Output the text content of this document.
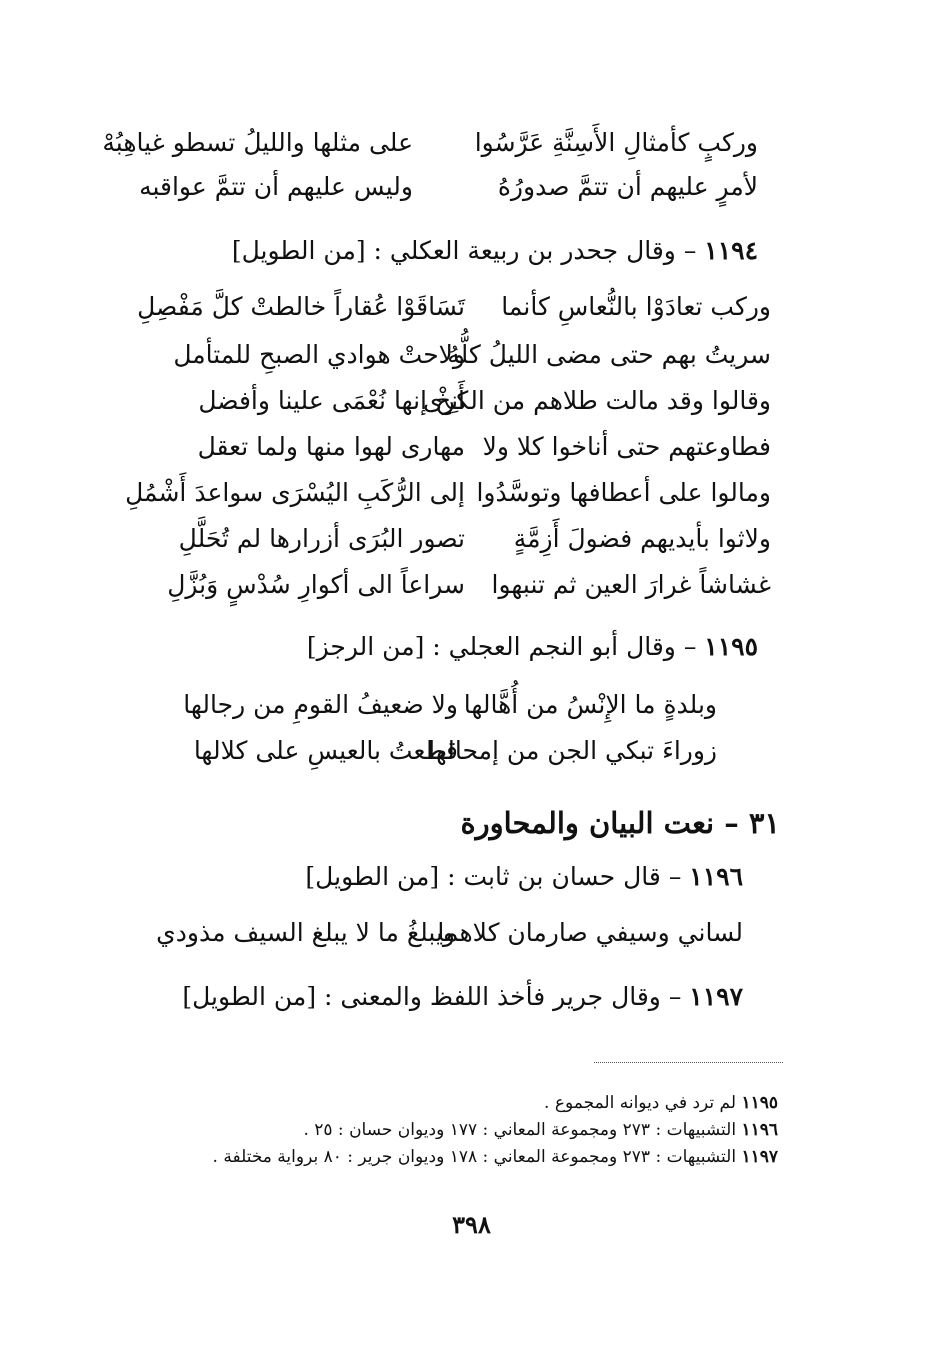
وركبٍ كأمثالِ الأَسِنَّةِ عَرَّسُوا
على مثلها والليلُ تسطو غياهِبُهْ
لأمرٍ عليهم أن تتمَّ صدورُهُ
وليس عليهم أن تتمَّ عواقبه
١١٩٤ – وقال جحدر بن ربيعة العكلي : [من الطويل]
وركب تعادَوْا بالنُّعاسِ كأنما
تَسَاقَوْا عُقاراً خالطتْ كلَّ مَفْصِلِ
سريتُ بهم حتى مضى الليلُ كلُّهُ
ولاحتْ هوادي الصبحِ للمتأمل
وقالوا وقد مالت طلاهم من الكرى
أَنِخْ إنها نُعْمَى علينا وأفضل
فطاوعتهم حتى أناخوا كلا ولا
مهارى لهوا منها ولما تعقل
ومالوا على أعطافها وتوسَّدُوا
إلى الرُّكَبِ اليُسْرَى سواعدَ أَشْمُلِ
ولاثوا بأيديهم فضولَ أَزِمَّةٍ
تصور البُرَى أزرارها لم تُحَلَّلِ
غشاشاً غرارَ العين ثم تنبهوا
سراعاً الى أكوارِ سُدْسٍ وَبُزَّلِ
١١٩٥ – وقال أبو النجم العجلي : [من الرجز]
وبلدةٍ ما الإِنْسُ من أُهَّالها
ولا ضعيفُ القومِ من رجالها
زوراءَ تبكي الجن من إمحالها
قطعتُ بالعيسِ على كلالها
٣١ – نعت البيان والمحاورة
١١٩٦ – قال حسان بن ثابت : [من الطويل]
لساني وسيفي صارمان كلاهما
ويبلغُ ما لا يبلغ السيف مذودي
١١٩٧ – وقال جرير فأخذ اللفظ والمعنى : [من الطويل]
١١٩٥ لم ترد في ديوانه المجموع .
١١٩٦ التشبيهات : ٢٧٣ ومجموعة المعاني : ١٧٧ وديوان حسان : ٢٥ .
١١٩٧ التشبيهات : ٢٧٣ ومجموعة المعاني : ١٧٨ وديوان جرير : ٨٠ برواية مختلفة .
٣٩٨
